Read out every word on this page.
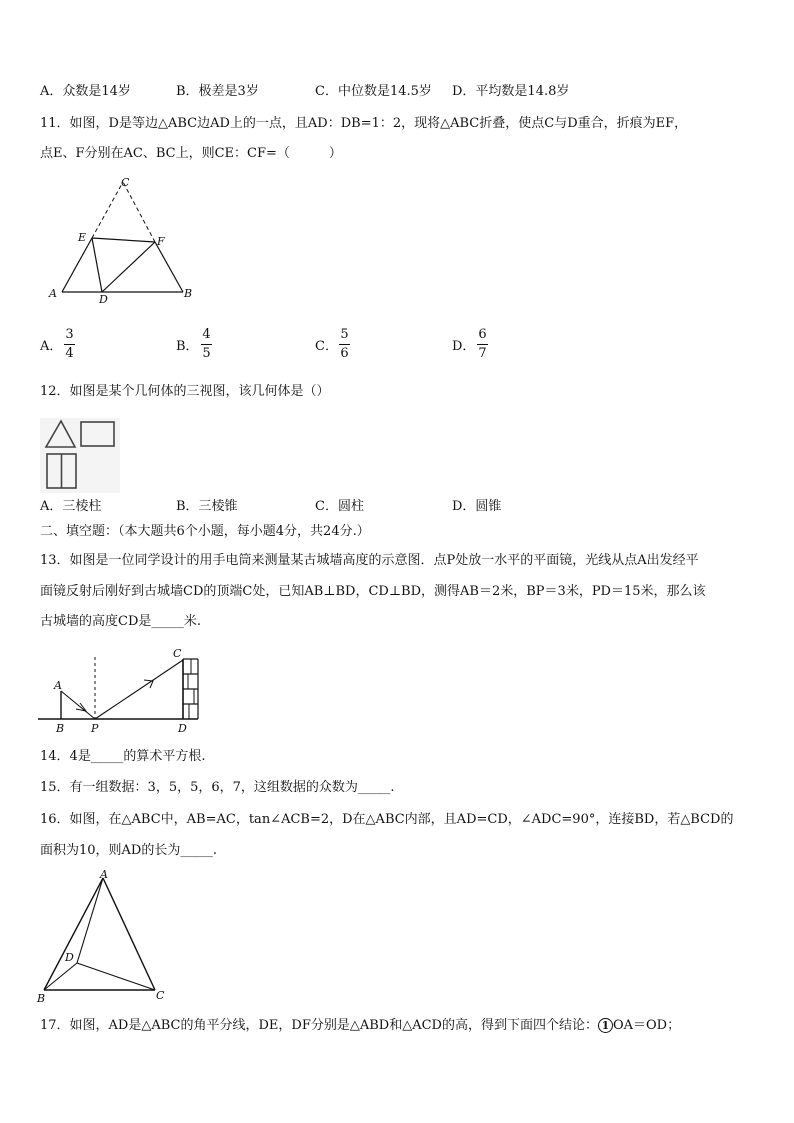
A．众数是14岁	B．极差是3岁	C．中位数是14.5岁 D．平均数是14.8岁
11．如图，D是等边△ABC边AD上的一点，且AD：DB=1：2，现将△ABC折叠，使点C与D重合，折痕为EF，
点E、F分别在AC、BC上，则CE：CF=（　　　）
C
E	F
A	D	B
A．
3
4	B．
4
5	C．
5
6	D．
6
7
12．如图是某个几何体的三视图，该几何体是（）
A．三棱柱	B．三棱锥	C．圆柱	D．圆锥
二、填空题：（本大题共6个小题，每小题4分，共24分.）
13．如图是一位同学设计的用手电筒来测量某古城墙高度的示意图．点P处放一水平的平面镜，光线从点A出发经平
面镜反射后刚好到古城墙CD的顶端C处，已知AB⊥BD，CD⊥BD，测得AB＝2米，BP＝3米，PD＝15米，那么该
古城墙的高度CD是_____米.
A
B P
C
D
14．4是_____的算术平方根.
15．有一组数据：3，5，5，6，7，这组数据的众数为_____.
16．如图，在△ABC中，AB=AC，tan∠ACB=2，D在△ABC内部，且AD=CD，∠ADC=90°，连接BD，若△BCD的
面积为10，则AD的长为_____.
A
D
B	C
17．如图，AD是△ABC的角平分线，DE，DF分别是△ABD和△ACD的高，得到下面四个结论： 1 OA＝OD；
